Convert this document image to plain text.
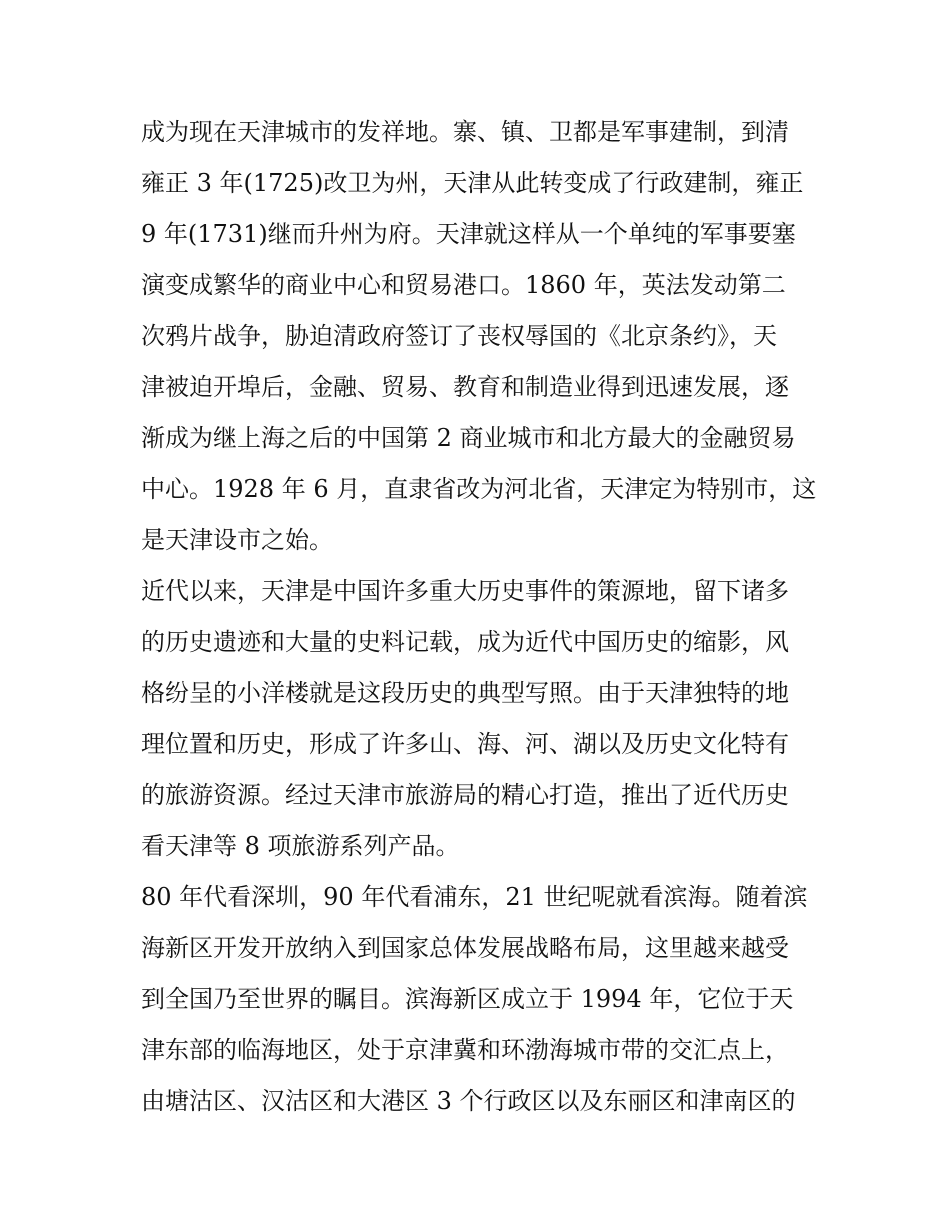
成为现在天津城市的发祥地。寨、镇、卫都是军事建制，到清
雍正 3 年(1725)改卫为州，天津从此转变成了行政建制，雍正
9 年(1731)继而升州为府。天津就这样从一个单纯的军事要塞
演变成繁华的商业中心和贸易港口。1860 年，英法发动第二
次鸦片战争，胁迫清政府签订了丧权辱国的《北京条约》，天
津被迫开埠后，金融、贸易、教育和制造业得到迅速发展，逐
渐成为继上海之后的中国第 2 商业城市和北方最大的金融贸易
中心。1928 年 6 月，直隶省改为河北省，天津定为特别市，这
是天津设市之始。
近代以来，天津是中国许多重大历史事件的策源地，留下诸多
的历史遗迹和大量的史料记载，成为近代中国历史的缩影，风
格纷呈的小洋楼就是这段历史的典型写照。由于天津独特的地
理位置和历史，形成了许多山、海、河、湖以及历史文化特有
的旅游资源。经过天津市旅游局的精心打造，推出了近代历史
看天津等 8 项旅游系列产品。
80 年代看深圳，90 年代看浦东，21 世纪呢就看滨海。随着滨
海新区开发开放纳入到国家总体发展战略布局，这里越来越受
到全国乃至世界的瞩目。滨海新区成立于 1994 年，它位于天
津东部的临海地区，处于京津冀和环渤海城市带的交汇点上，
由塘沽区、汉沽区和大港区 3 个行政区以及东丽区和津南区的
